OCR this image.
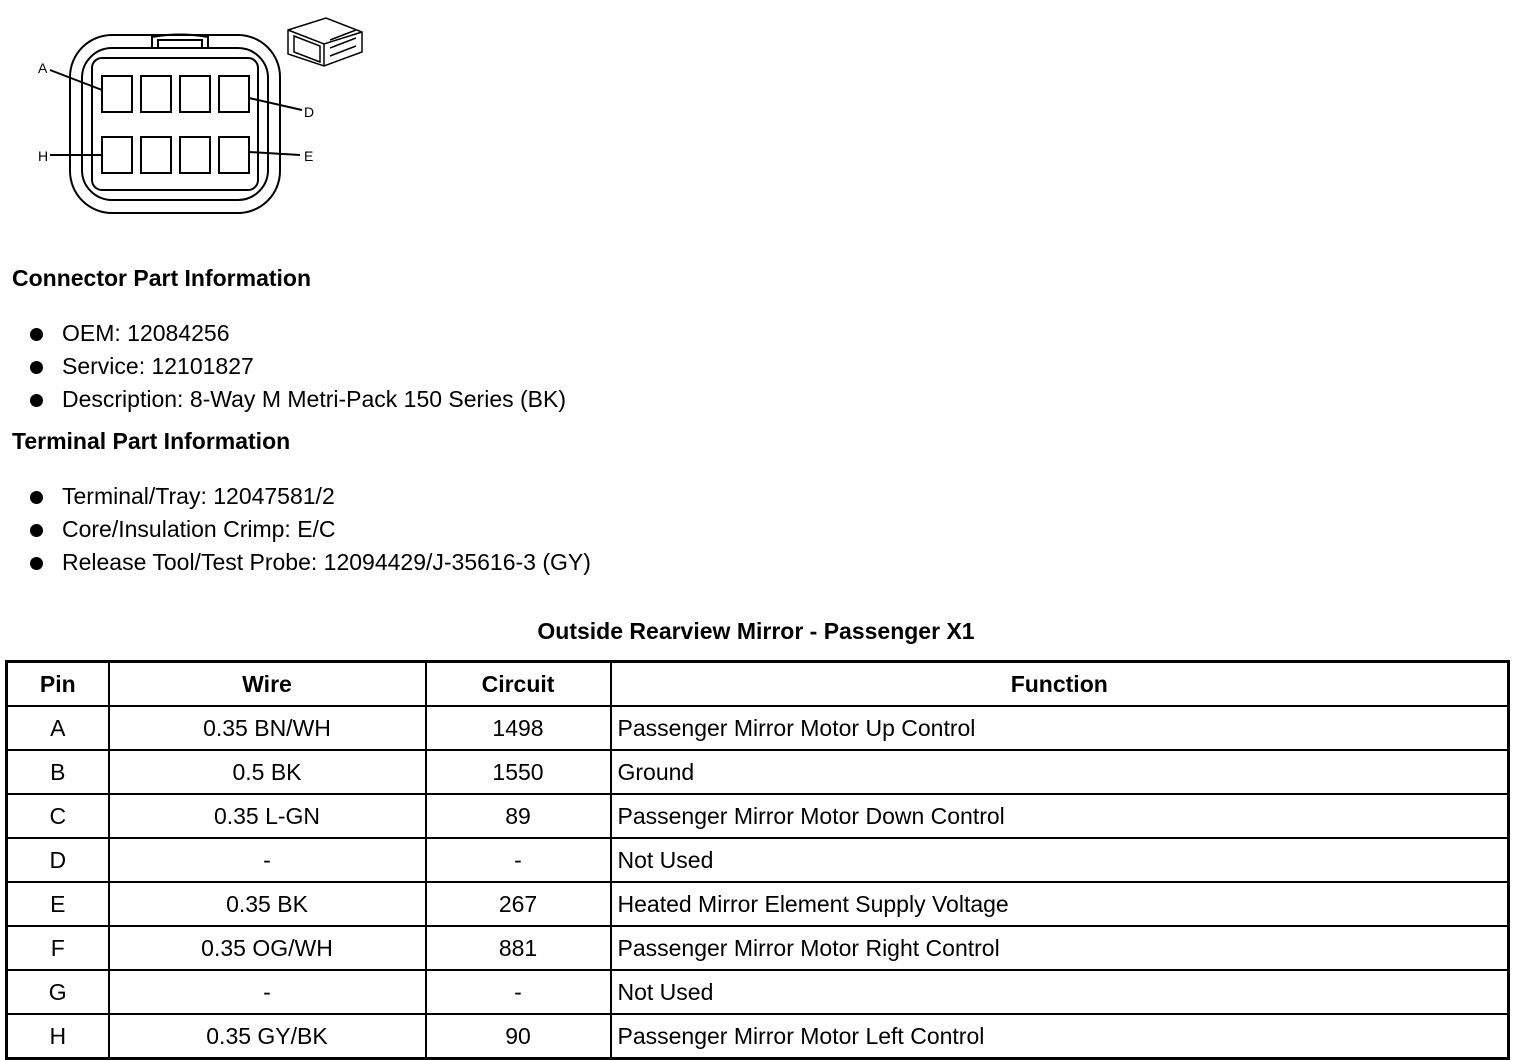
A
D
H	E
Connector Part Information
OEM: 12084256
Service: 12101827
Description: 8-Way M Metri-Pack 150 Series (BK)
Terminal Part Information
Terminal/Tray: 12047581/2
Core/Insulation Crimp: E/C
Release Tool/Test Probe: 12094429/J-35616-3 (GY)
Outside Rearview Mirror - Passenger X1
Pin	Wire	Circuit	Function
A	0.35 BN/WH	1498	Passenger Mirror Motor Up Control
B	0.5 BK	1550	Ground
C	0.35 L-GN	89	Passenger Mirror Motor Down Control
D	-	-	Not Used
E	0.35 BK	267	Heated Mirror Element Supply Voltage
F	0.35 OG/WH	881	Passenger Mirror Motor Right Control
G	-	-	Not Used
H	0.35 GY/BK	90	Passenger Mirror Motor Left Control
